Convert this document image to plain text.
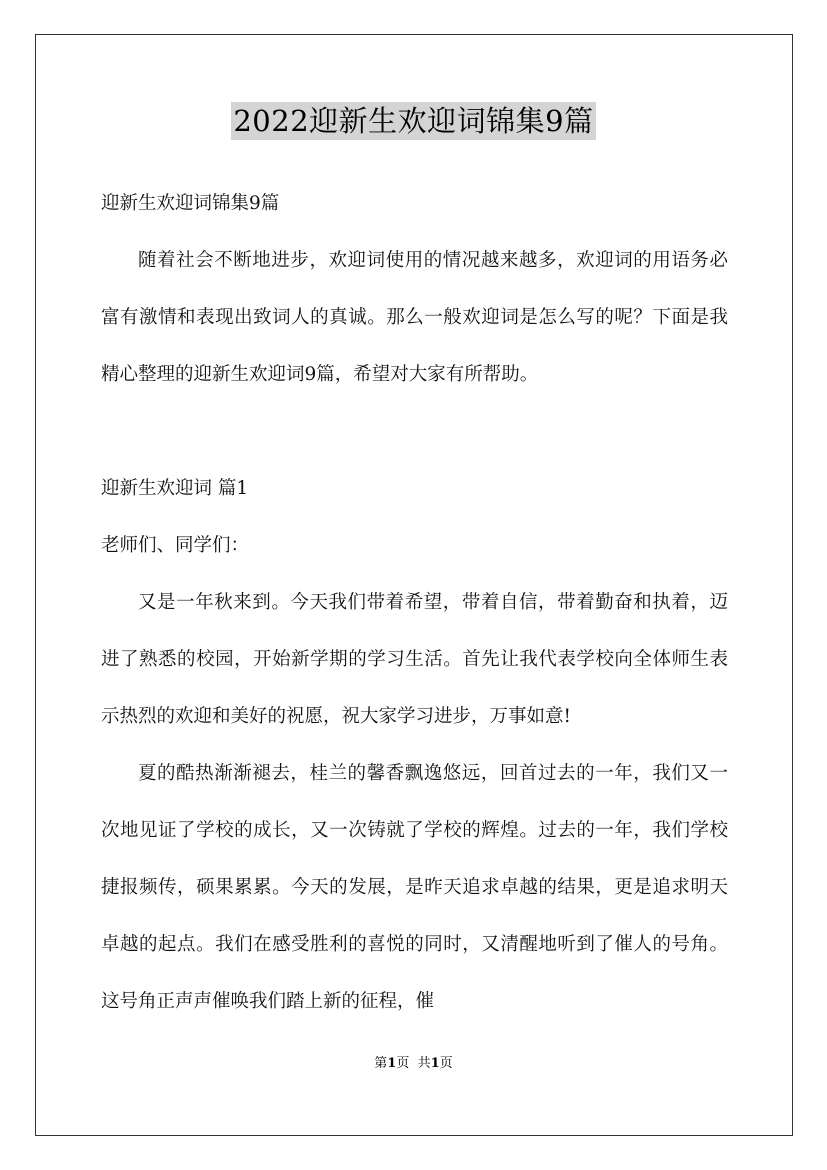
2022迎新生欢迎词锦集9篇
迎新生欢迎词锦集9篇
随着社会不断地进步，欢迎词使用的情况越来越多，欢迎词的用语务必富有激情和表现出致词人的真诚。那么一般欢迎词是怎么写的呢？下面是我精心整理的迎新生欢迎词9篇，希望对大家有所帮助。
迎新生欢迎词 篇1
老师们、同学们：
又是一年秋来到。今天我们带着希望，带着自信，带着勤奋和执着，迈进了熟悉的校园，开始新学期的学习生活。首先让我代表学校向全体师生表示热烈的欢迎和美好的祝愿，祝大家学习进步，万事如意!
夏的酷热渐渐褪去，桂兰的馨香飘逸悠远，回首过去的一年，我们又一次地见证了学校的成长，又一次铸就了学校的辉煌。过去的一年，我们学校捷报频传，硕果累累。今天的发展，是昨天追求卓越的结果，更是追求明天卓越的起点。我们在感受胜利的喜悦的同时，又清醒地听到了催人的号角。这号角正声声催唤我们踏上新的征程，催
第1页 共1页
